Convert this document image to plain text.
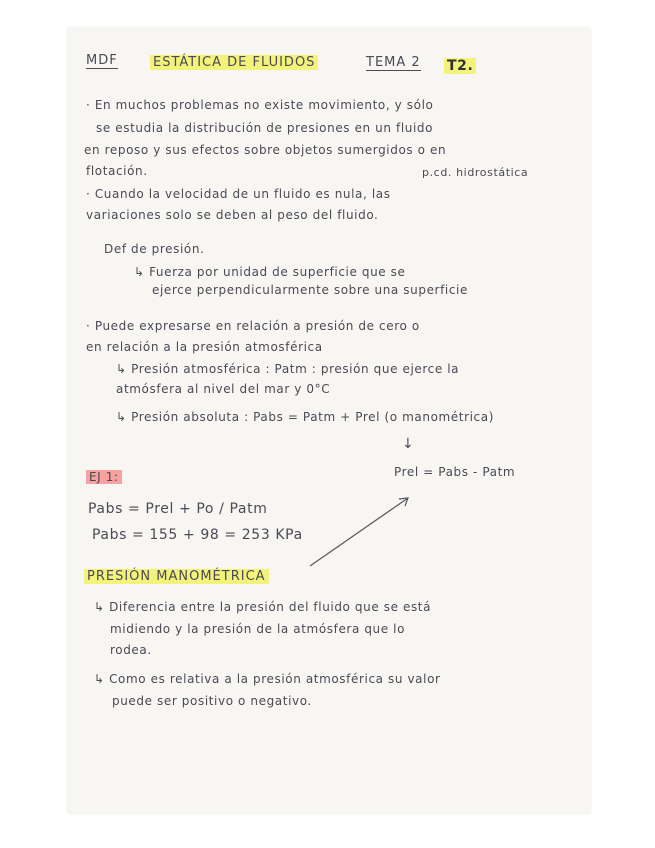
MDF	ESTÁTICA DE FLUIDOS	TEMA 2 T2.
· En muchos problemas no existe movimiento, y sólo
se estudia la distribución de presiones en un fluido
en reposo y sus efectos sobre objetos sumergidos o en
flotación.	p.cd. hidrostática
· Cuando la velocidad de un fluido es nula, las
variaciones solo se deben al peso del fluido.
Def de presión.
↳ Fuerza por unidad de superficie que se
ejerce perpendicularmente sobre una superficie
· Puede expresarse en relación a presión de cero o
en relación a la presión atmosférica
↳ Presión atmosférica : Patm : presión que ejerce la
atmósfera al nivel del mar y 0°C
↳ Presión absoluta : Pabs = Patm + Prel (o manométrica)
↓
Prel = Pabs - Patm
EJ 1:
Pabs = Prel + Po / Patm
Pabs = 155 + 98 = 253 KPa
PRESIÓN MANOMÉTRICA
↳ Diferencia entre la presión del fluido que se está
midiendo y la presión de la atmósfera que lo
rodea.
↳ Como es relativa a la presión atmosférica su valor
puede ser positivo o negativo.
